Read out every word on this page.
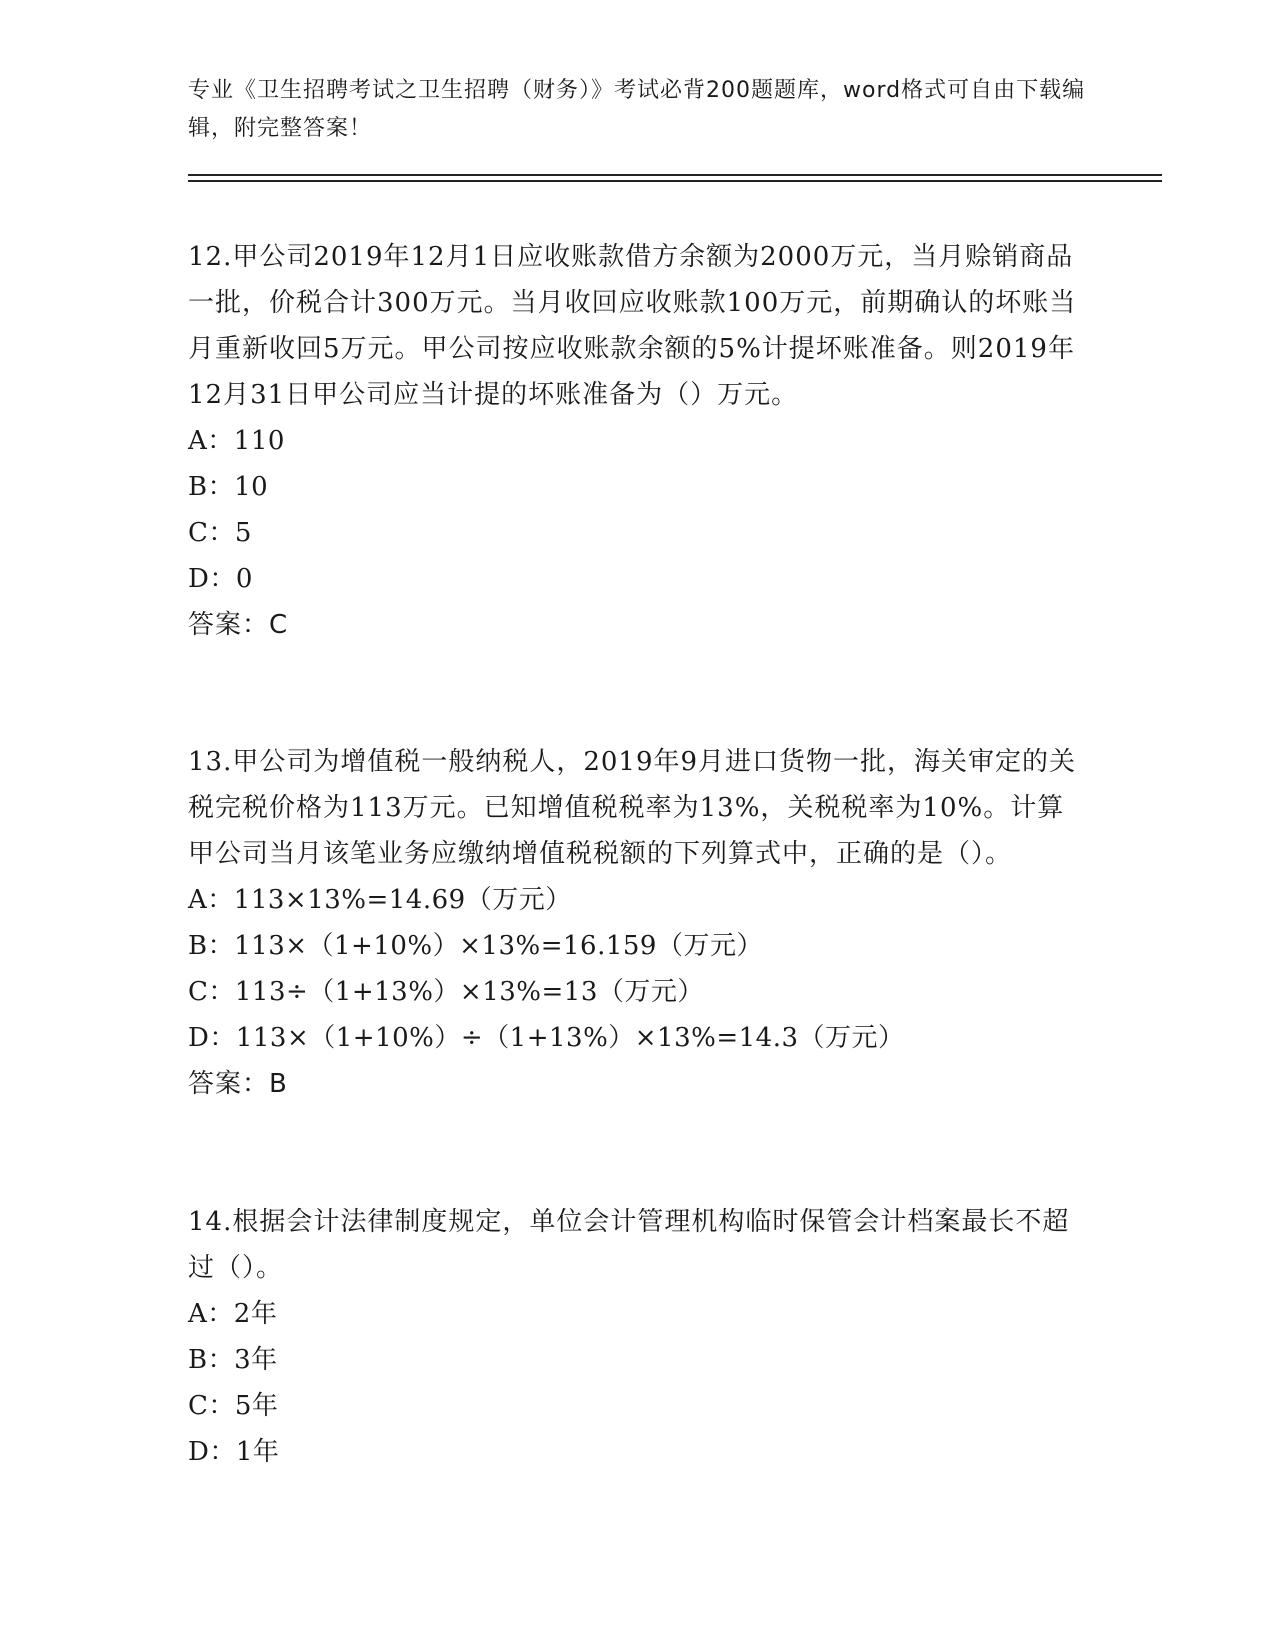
专业《卫生招聘考试之卫生招聘（财务）》考试必背200题题库，word格式可自由下载编辑，附完整答案！

12.甲公司2019年12月1日应收账款借方余额为2000万元，当月赊销商品一批，价税合计300万元。当月收回应收账款100万元，前期确认的坏账当月重新收回5万元。甲公司按应收账款余额的5%计提坏账准备。则2019年12月31日甲公司应当计提的坏账准备为（）万元。

A：110
B：10
C：5
D：0
答案：C

13.甲公司为增值税一般纳税人，2019年9月进口货物一批，海关审定的关税完税价格为113万元。已知增值税税率为13%，关税税率为10%。计算甲公司当月该笔业务应缴纳增值税税额的下列算式中，正确的是（）。

A：113×13%=14.69（万元）
B：113×（1+10%）×13%=16.159（万元）
C：113÷（1+13%）×13%=13（万元）
D：113×（1+10%）÷（1+13%）×13%=14.3（万元）
答案：B

14.根据会计法律制度规定，单位会计管理机构临时保管会计档案最长不超过（）。

A：2年
B：3年
C：5年
D：1年
